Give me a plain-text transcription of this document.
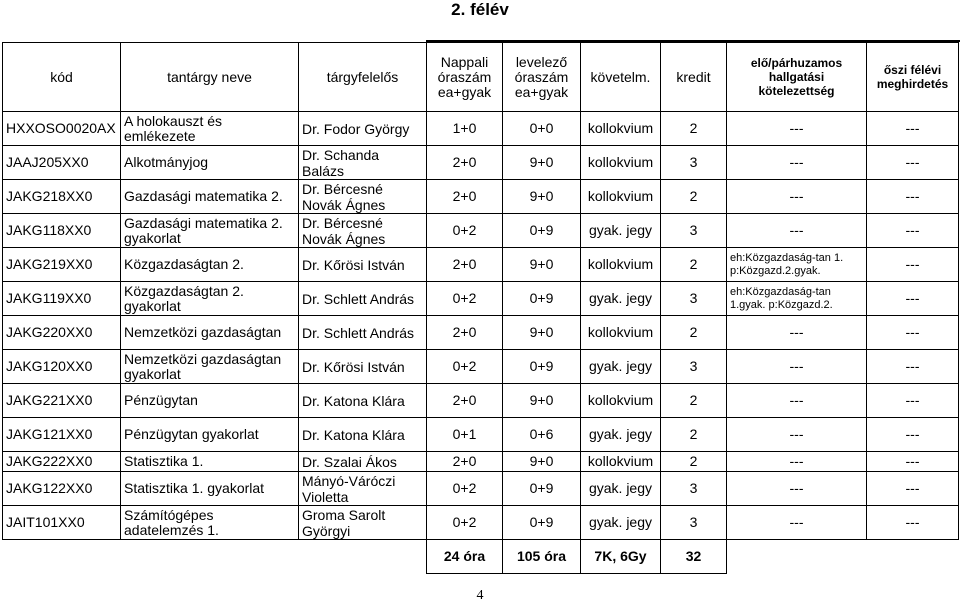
2. félév
kód	tantárgy neve	tárgyfelelős	Nappali óraszám ea+gyak	levelező óraszám ea+gyak	követelm.	kredit	elő/párhuzamos hallgatási kötelezettség	őszi félévi meghirdetés
HXXOSO0020AX	A holokauszt és emlékezete	Dr. Fodor György	1+0	0+0	kollokvium	2	---	---
JAAJ205XX0	Alkotmányjog	Dr. Schanda Balázs	2+0	9+0	kollokvium	3	---	---
JAKG218XX0	Gazdasági matematika 2.	Dr. Bércesné Novák Ágnes	2+0	9+0	kollokvium	2	---	---
JAKG118XX0	Gazdasági matematika 2. gyakorlat	Dr. Bércesné Novák Ágnes	0+2	0+9	gyak. jegy	3	---	---
JAKG219XX0	Közgazdaságtan 2.	Dr. Kőrösi István	2+0	9+0	kollokvium	2	eh:Közgazdaság-tan 1. p:Közgazd.2.gyak.	---
JAKG119XX0	Közgazdaságtan 2. gyakorlat	Dr. Schlett András	0+2	0+9	gyak. jegy	3	eh:Közgazdaság-tan 1.gyak. p:Közgazd.2.	---
JAKG220XX0	Nemzetközi gazdaságtan	Dr. Schlett András	2+0	9+0	kollokvium	2	---	---
JAKG120XX0	Nemzetközi gazdaságtan gyakorlat	Dr. Kőrösi István	0+2	0+9	gyak. jegy	3	---	---
JAKG221XX0	Pénzügytan	Dr. Katona Klára	2+0	9+0	kollokvium	2	---	---
JAKG121XX0	Pénzügytan gyakorlat	Dr. Katona Klára	0+1	0+6	gyak. jegy	2	---	---
JAKG222XX0	Statisztika 1.	Dr. Szalai Ákos	2+0	9+0	kollokvium	2	---	---
JAKG122XX0	Statisztika 1. gyakorlat	Mányó-Váróczi Violetta	0+2	0+9	gyak. jegy	3	---	---
JAIT101XX0	Számítógépes adatelemzés 1.	Groma Sarolt Györgyi	0+2	0+9	gyak. jegy	3	---	---
			24 óra	105 óra	7K, 6Gy	32		
4
